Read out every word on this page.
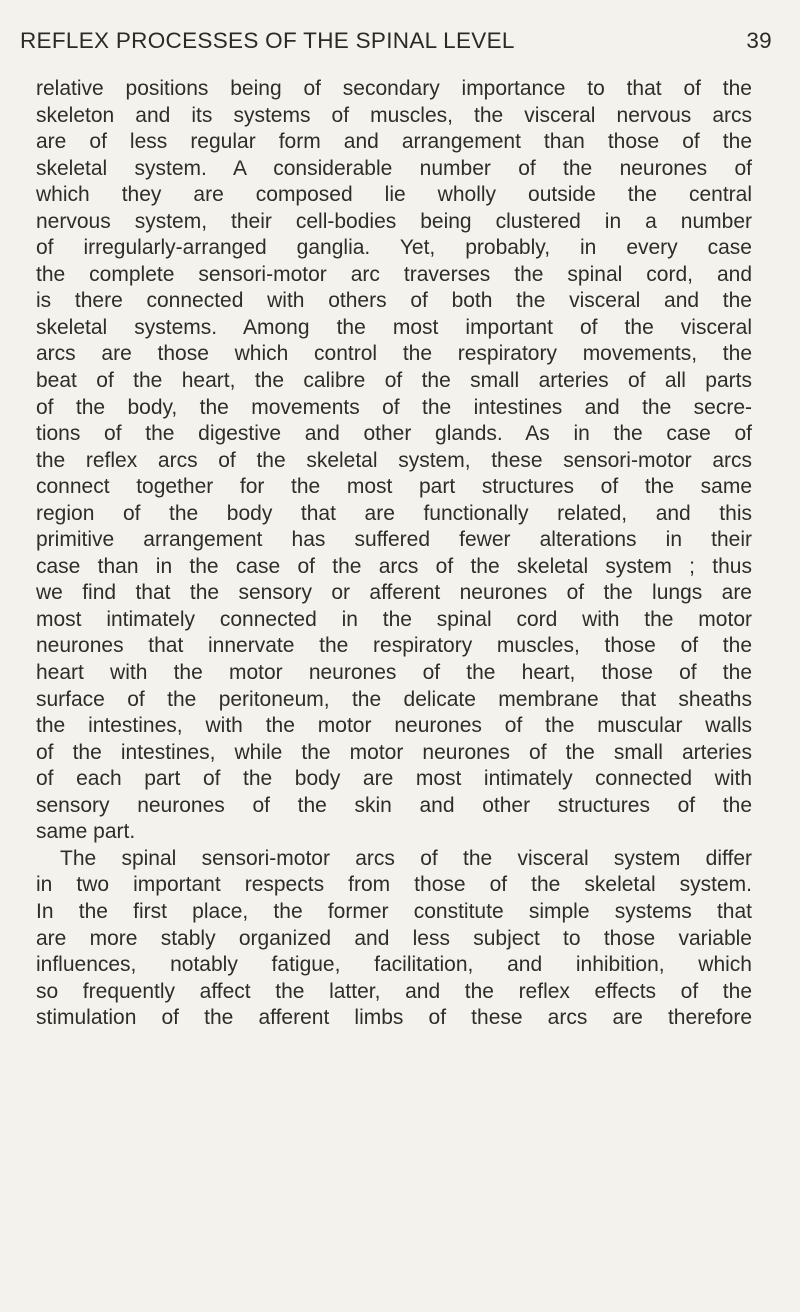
REFLEX PROCESSES OF THE SPINAL LEVEL	39
relative positions being of secondary importance to that of the
skeleton and its systems of muscles, the visceral nervous arcs
are of less regular form and arrangement than those of the
skeletal system. A considerable number of the neurones of
which they are composed lie wholly outside the central
nervous system, their cell-bodies being clustered in a number
of irregularly-arranged ganglia. Yet, probably, in every case
the complete sensori-motor arc traverses the spinal cord, and
is there connected with others of both the visceral and the
skeletal systems. Among the most important of the visceral
arcs are those which control the respiratory movements, the
beat of the heart, the calibre of the small arteries of all parts
of the body, the movements of the intestines and the secre-
tions of the digestive and other glands. As in the case of
the reflex arcs of the skeletal system, these sensori-motor arcs
connect together for the most part structures of the same
region of the body that are functionally related, and this
primitive arrangement has suffered fewer alterations in their
case than in the case of the arcs of the skeletal system ; thus
we find that the sensory or afferent neurones of the lungs are
most intimately connected in the spinal cord with the motor
neurones that innervate the respiratory muscles, those of the
heart with the motor neurones of the heart, those of the
surface of the peritoneum, the delicate membrane that sheaths
the intestines, with the motor neurones of the muscular walls
of the intestines, while the motor neurones of the small arteries
of each part of the body are most intimately connected with
sensory neurones of the skin and other structures of the
same part.
The spinal sensori-motor arcs of the visceral system differ
in two important respects from those of the skeletal system.
In the first place, the former constitute simple systems that
are more stably organized and less subject to those variable
influences, notably fatigue, facilitation, and inhibition, which
so frequently affect the latter, and the reflex effects of the
stimulation of the afferent limbs of these arcs are therefore
